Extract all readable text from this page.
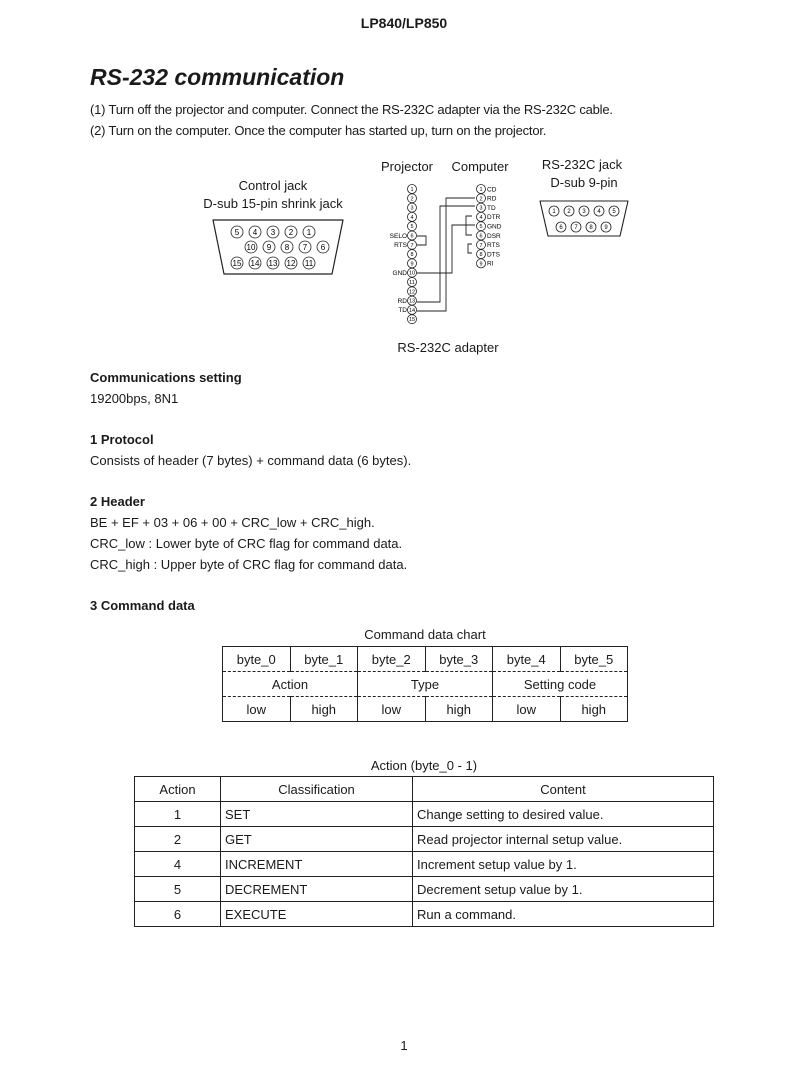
LP840/LP850
RS-232 communication
(1) Turn off the projector and computer. Connect the RS-232C adapter via the RS-232C cable.
(2) Turn on the computer. Once the computer has started up, turn on the projector.
Control jack
D-sub 15-pin shrink jack
Projector	Computer	RS-232C jack
D-sub 9-pin
RS-232C adapter
5 4 3 2 1
10 9 8 7 6
15 14 13 12 11
1 2 3 4 5
6 7 8 9
1
2
3
4
5
6
SELO
7
RTS
8
9
10
GND
11
12
13
RD
14
TD
15
1 CD
2 RD
3 TD
4 DTR
5 GND
6 DSR
7 RTS
8 DTS
9 RI
Communications setting
19200bps, 8N1
1 Protocol
Consists of header (7 bytes) + command data (6 bytes).
2 Header
BE + EF + 03 + 06 + 00 + CRC_low + CRC_high.
CRC_low : Lower byte of CRC flag for command data.
CRC_high : Upper byte of CRC flag for command data.
3 Command data
Command data chart
byte_0	byte_1	byte_2	byte_3	byte_4	byte_5
Action		Type		Setting code	
low	high	low	high	low	high
Action (byte_0 - 1)
Action	Classification	Content
1	SET	Change setting to desired value.
2	GET	Read projector internal setup value.
4	INCREMENT	Increment setup value by 1.
5	DECREMENT	Decrement setup value by 1.
6	EXECUTE	Run a command.
1
